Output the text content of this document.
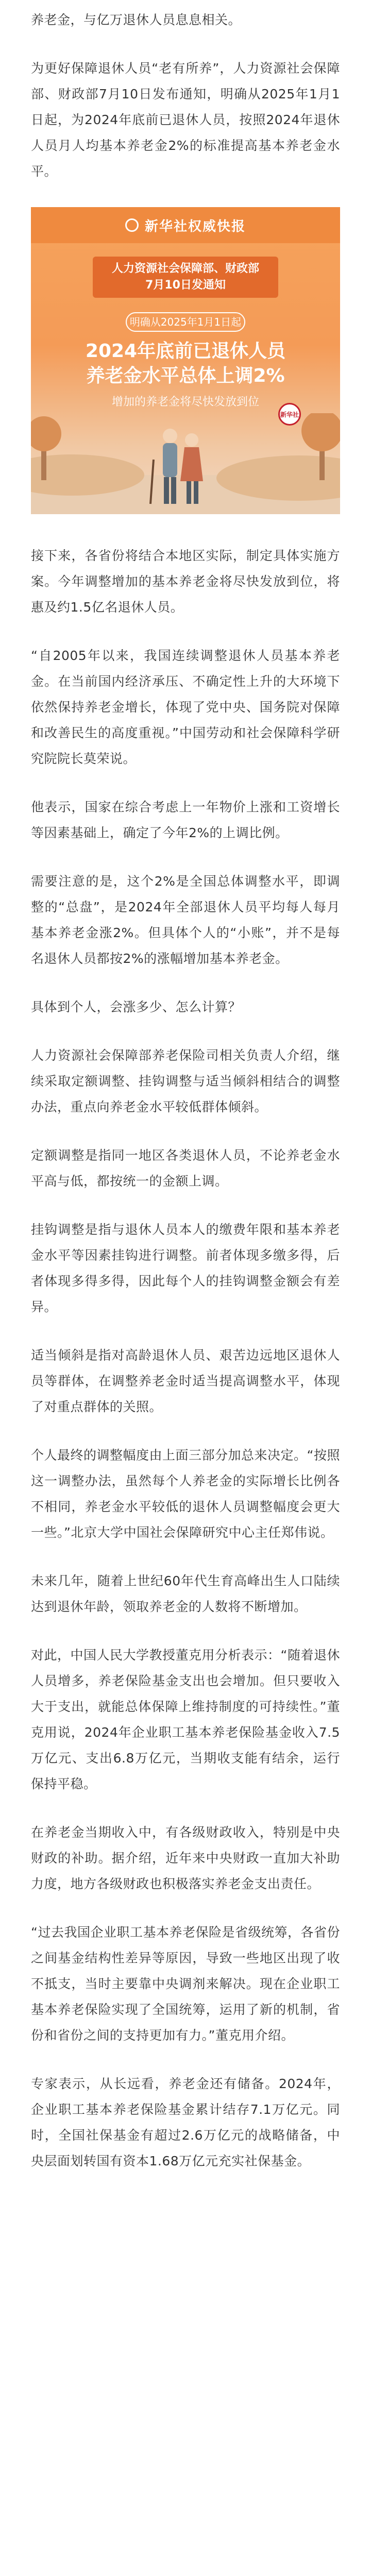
养老金，与亿万退休人员息息相关。

为更好保障退休人员“老有所养”，人力资源社会保障部、财政部7月10日发布通知，明确从2025年1月1日起，为2024年底前已退休人员，按照2024年退休人员月人均基本养老金2%的标准提高基本养老金水平。

新华社权威快报
人力资源社会保障部、财政部
7月10日发通知
明确从2025年1月1日起
2024年底前已退休人员
养老金水平总体上调2%
增加的养老金将尽快发放到位
新华社

接下来，各省份将结合本地区实际，制定具体实施方案。今年调整增加的基本养老金将尽快发放到位，将惠及约1.5亿名退休人员。

“自2005年以来，我国连续调整退休人员基本养老金。在当前国内经济承压、不确定性上升的大环境下依然保持养老金增长，体现了党中央、国务院对保障和改善民生的高度重视。”中国劳动和社会保障科学研究院院长莫荣说。

他表示，国家在综合考虑上一年物价上涨和工资增长等因素基础上，确定了今年2%的上调比例。

需要注意的是，这个2%是全国总体调整水平，即调整的“总盘”，是2024年全部退休人员平均每人每月基本养老金涨2%。但具体个人的“小账”，并不是每名退休人员都按2%的涨幅增加基本养老金。

具体到个人，会涨多少、怎么计算？

人力资源社会保障部养老保险司相关负责人介绍，继续采取定额调整、挂钩调整与适当倾斜相结合的调整办法，重点向养老金水平较低群体倾斜。

定额调整是指同一地区各类退休人员，不论养老金水平高与低，都按统一的金额上调。

挂钩调整是指与退休人员本人的缴费年限和基本养老金水平等因素挂钩进行调整。前者体现多缴多得，后者体现多得多得，因此每个人的挂钩调整金额会有差异。

适当倾斜是指对高龄退休人员、艰苦边远地区退休人员等群体，在调整养老金时适当提高调整水平，体现了对重点群体的关照。

个人最终的调整幅度由上面三部分加总来决定。“按照这一调整办法，虽然每个人养老金的实际增长比例各不相同，养老金水平较低的退休人员调整幅度会更大一些。”北京大学中国社会保障研究中心主任郑伟说。

未来几年，随着上世纪60年代生育高峰出生人口陆续达到退休年龄，领取养老金的人数将不断增加。

对此，中国人民大学教授董克用分析表示：“随着退休人员增多，养老保险基金支出也会增加。但只要收入大于支出，就能总体保障上维持制度的可持续性。”董克用说，2024年企业职工基本养老保险基金收入7.5万亿元、支出6.8万亿元，当期收支能有结余，运行保持平稳。

在养老金当期收入中，有各级财政收入，特别是中央财政的补助。据介绍，近年来中央财政一直加大补助力度，地方各级财政也积极落实养老金支出责任。

“过去我国企业职工基本养老保险是省级统筹，各省份之间基金结构性差异等原因，导致一些地区出现了收不抵支，当时主要靠中央调剂来解决。现在企业职工基本养老保险实现了全国统筹，运用了新的机制，省份和省份之间的支持更加有力。”董克用介绍。

专家表示，从长远看，养老金还有储备。2024年，企业职工基本养老保险基金累计结存7.1万亿元。同时，全国社保基金有超过2.6万亿元的战略储备，中央层面划转国有资本1.68万亿元充实社保基金。
